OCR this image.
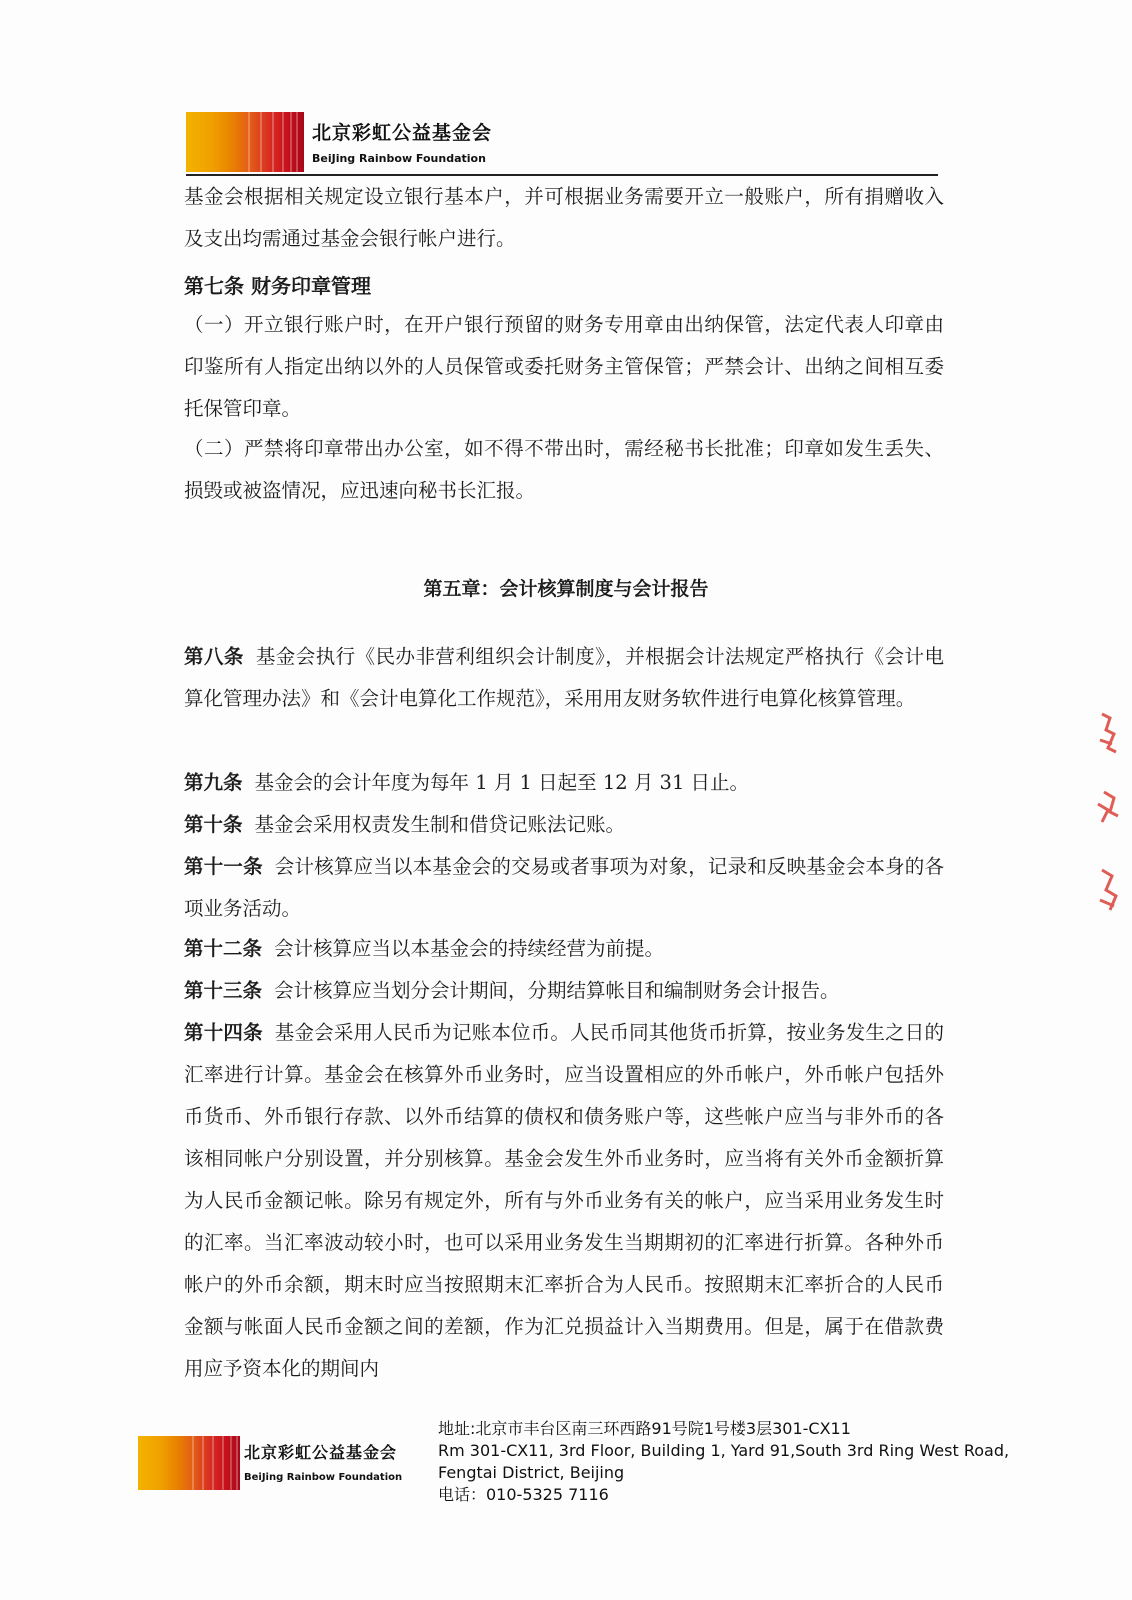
北京彩虹公益基金会
BeiJing Rainbow Foundation
基金会根据相关规定设立银行基本户，并可根据业务需要开立一般账户，所有捐赠收入及支出均需通过基金会银行帐户进行。
第七条 财务印章管理
（一）开立银行账户时，在开户银行预留的财务专用章由出纳保管，法定代表人印章由印鉴所有人指定出纳以外的人员保管或委托财务主管保管；严禁会计、出纳之间相互委托保管印章。
（二）严禁将印章带出办公室，如不得不带出时，需经秘书长批准；印章如发生丢失、损毁或被盗情况，应迅速向秘书长汇报。
第五章：会计核算制度与会计报告
第八条 基金会执行《民办非营利组织会计制度》，并根据会计法规定严格执行《会计电算化管理办法》和《会计电算化工作规范》，采用用友财务软件进行电算化核算管理。
第九条 基金会的会计年度为每年 1 月 1 日起至 12 月 31 日止。
第十条 基金会采用权责发生制和借贷记账法记账。
第十一条 会计核算应当以本基金会的交易或者事项为对象，记录和反映基金会本身的各项业务活动。
第十二条 会计核算应当以本基金会的持续经营为前提。
第十三条 会计核算应当划分会计期间，分期结算帐目和编制财务会计报告。
第十四条 基金会采用人民币为记账本位币。人民币同其他货币折算，按业务发生之日的汇率进行计算。基金会在核算外币业务时，应当设置相应的外币帐户，外币帐户包括外币货币、外币银行存款、以外币结算的债权和债务账户等，这些帐户应当与非外币的各该相同帐户分别设置，并分别核算。基金会发生外币业务时，应当将有关外币金额折算为人民币金额记帐。除另有规定外，所有与外币业务有关的帐户，应当采用业务发生时的汇率。当汇率波动较小时，也可以采用业务发生当期期初的汇率进行折算。各种外币帐户的外币余额，期末时应当按照期末汇率折合为人民币。按照期末汇率折合的人民币金额与帐面人民币金额之间的差额，作为汇兑损益计入当期费用。但是，属于在借款费用应予资本化的期间内
北京彩虹公益基金会
BeiJing Rainbow Foundation
地址:北京市丰台区南三环西路91号院1号楼3层301-CX11
Rm 301-CX11, 3rd Floor, Building 1, Yard 91,South 3rd Ring West Road,
Fengtai District, Beijing
电话：010-5325 7116
